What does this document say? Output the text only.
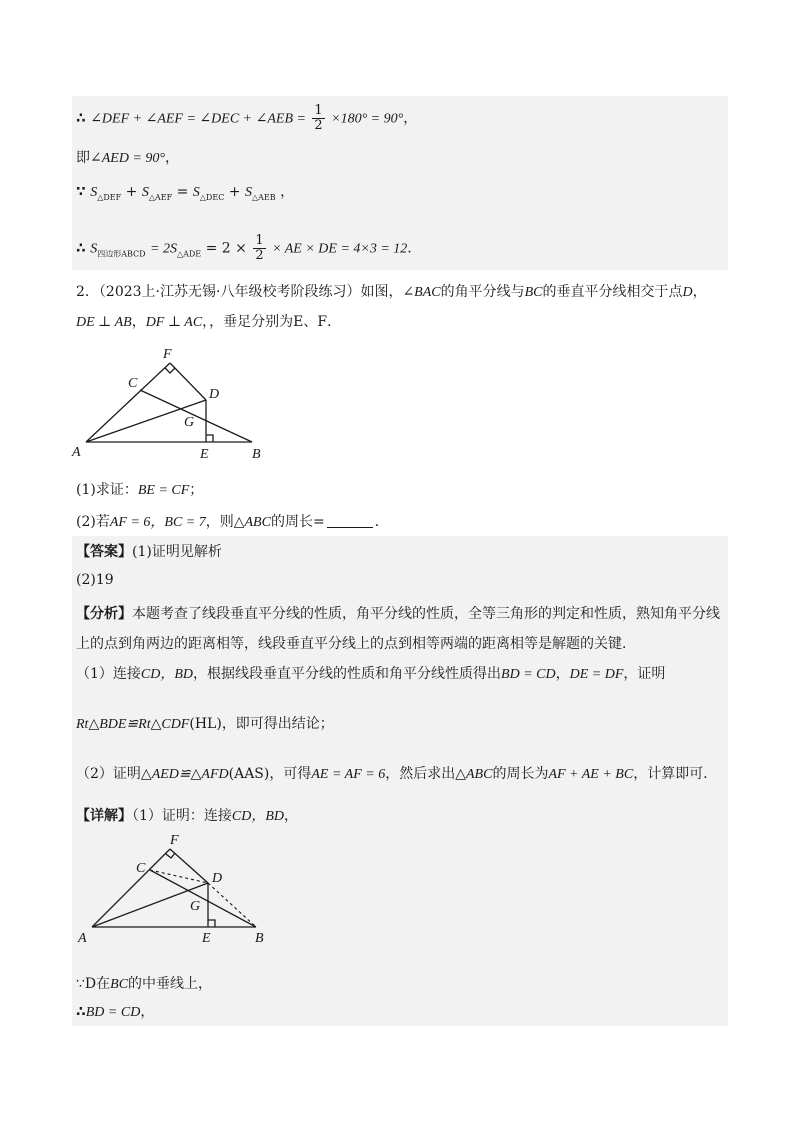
∴ ∠DEF + ∠AEF = ∠DEC + ∠AEB = $\frac{1}{2} \times 180^\circ = 90^\circ$，
即∠AED = 90°，
∵ $S_{\triangle DEF} + S_{\triangle AEF} = S_{\triangle DEC} + S_{\triangle AEB}$ ，
∴ $S_{四边形ABCD} = 2S_{\triangle ADE} = 2 \times \frac{1}{2}$ × AE × DE = 4×3 = 12．
2．（2023上·江苏无锡·八年级校考阶段练习）如图，∠BAC的角平分线与BC的垂直平分线相交于点D，
DE ⊥ AB，DF ⊥ AC，，垂足分别为E、F．
F
C
D
G
A	E	B
(1)求证：BE = CF；
(2)若AF = 6，BC = 7，则△ABC的周长=	．
【答案】(1)证明见解析
(2)19
【分析】本题考查了线段垂直平分线的性质，角平分线的性质，全等三角形的判定和性质，熟知角平分线
上的点到角两边的距离相等，线段垂直平分线上的点到相等两端的距离相等是解题的关键．
（1）连接CD，BD，根据线段垂直平分线的性质和角平分线性质得出BD = CD，DE = DF，证明
Rt△BDE≌Rt△CDF(HL)，即可得出结论；
（2）证明△AED≌△AFD(AAS)，可得AE = AF = 6，然后求出△ABC的周长为AF + AE + BC，计算即可．
【详解】（1）证明：连接CD，BD，
F
C
D
G
A	E	B
∵D在BC的中垂线上，
∴BD = CD，
